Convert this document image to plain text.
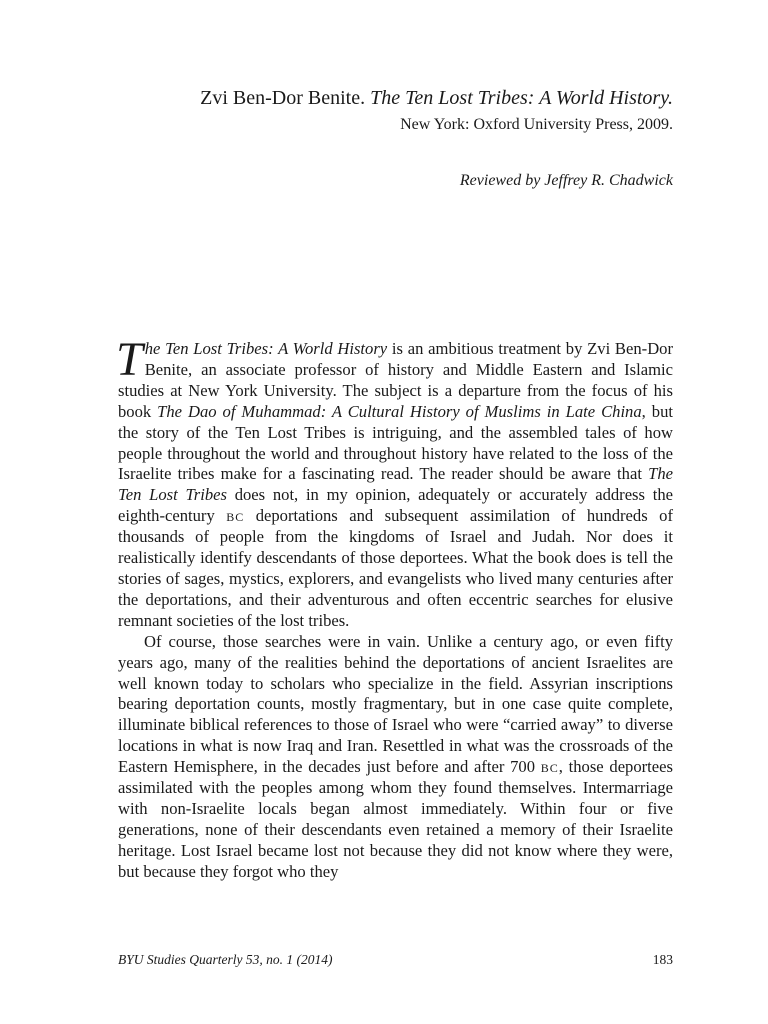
Zvi Ben-Dor Benite. The Ten Lost Tribes: A World History.
New York: Oxford University Press, 2009.
Reviewed by Jeffrey R. Chadwick

The Ten Lost Tribes: A World History is an ambitious treatment by Zvi Ben-Dor Benite, an associate professor of history and Middle Eastern and Islamic studies at New York University. The subject is a departure from the focus of his book The Dao of Muhammad: A Cultural History of Muslims in Late China, but the story of the Ten Lost Tribes is intriguing, and the assembled tales of how people throughout the world and throughout history have related to the loss of the Israelite tribes make for a fascinating read. The reader should be aware that The Ten Lost Tribes does not, in my opinion, adequately or accurately address the eighth-century bc deportations and subsequent assimilation of hundreds of thousands of people from the kingdoms of Israel and Judah. Nor does it realistically identify descendants of those deportees. What the book does is tell the stories of sages, mystics, explorers, and evangelists who lived many centuries after the deportations, and their adventurous and often eccentric searches for elusive remnant societies of the lost tribes.

Of course, those searches were in vain. Unlike a century ago, or even fifty years ago, many of the realities behind the deportations of ancient Israelites are well known today to scholars who specialize in the field. Assyrian inscriptions bearing deportation counts, mostly fragmentary, but in one case quite complete, illuminate biblical references to those of Israel who were “carried away” to diverse locations in what is now Iraq and Iran. Resettled in what was the crossroads of the Eastern Hemisphere, in the decades just before and after 700 bc, those deportees assimilated with the peoples among whom they found themselves. Intermarriage with non-Israelite locals began almost immediately. Within four or five generations, none of their descendants even retained a memory of their Israelite heritage. Lost Israel became lost not because they did not know where they were, but because they forgot who they

BYU Studies Quarterly 53, no. 1 (2014)	183
